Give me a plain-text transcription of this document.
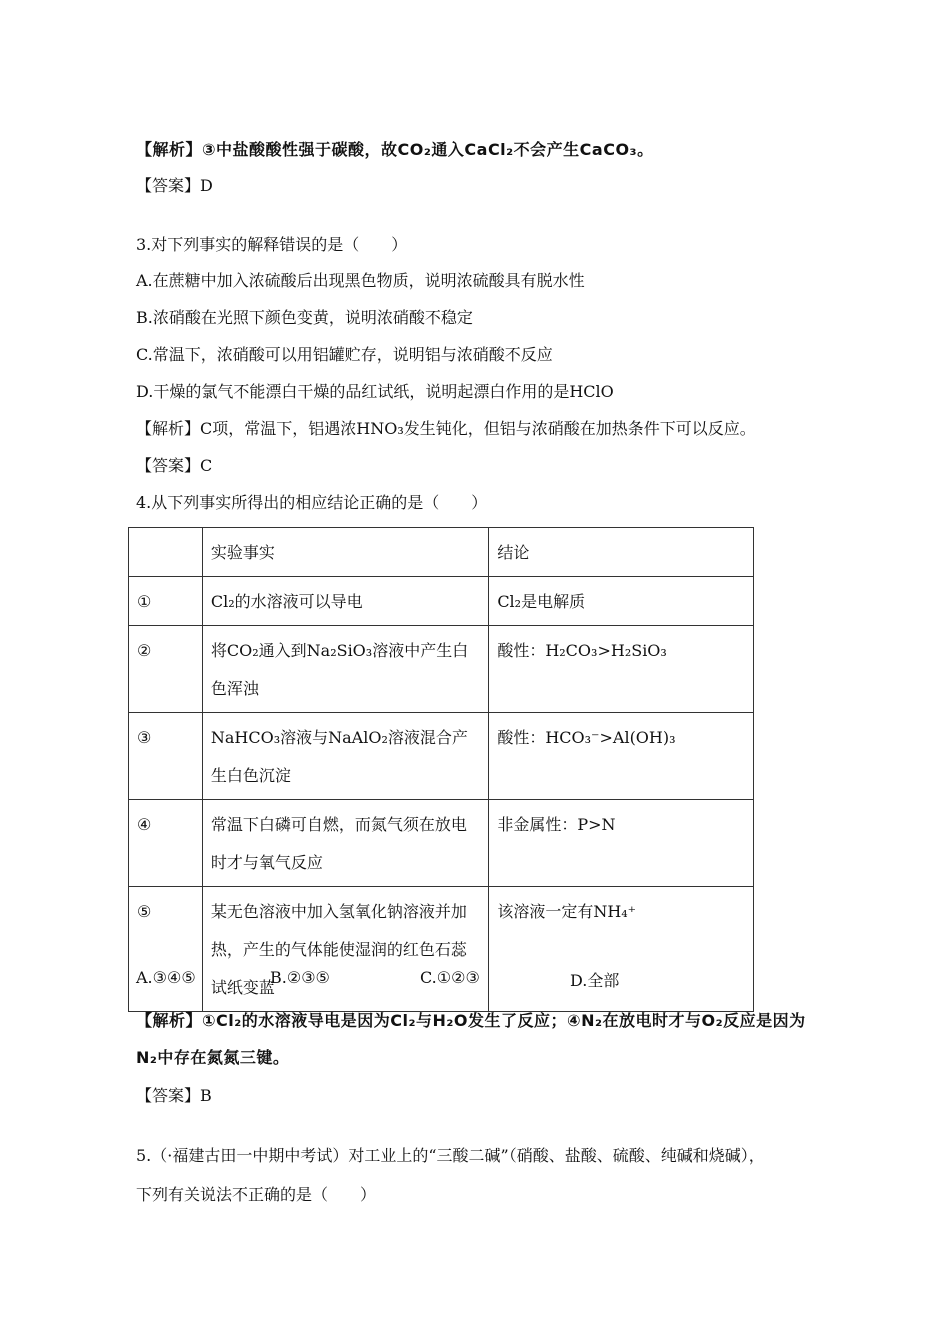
【解析】③中盐酸酸性强于碳酸，故CO₂通入CaCl₂不会产生CaCO₃。
【答案】D
3.对下列事实的解释错误的是（　　）
A.在蔗糖中加入浓硫酸后出现黑色物质，说明浓硫酸具有脱水性
B.浓硝酸在光照下颜色变黄，说明浓硝酸不稳定
C.常温下，浓硝酸可以用铝罐贮存，说明铝与浓硝酸不反应
D.干燥的氯气不能漂白干燥的品红试纸，说明起漂白作用的是HClO
【解析】C项，常温下，铝遇浓HNO₃发生钝化，但铝与浓硝酸在加热条件下可以反应。
【答案】C
4.从下列事实所得出的相应结论正确的是（　　）
	实验事实	结论
①	Cl₂的水溶液可以导电	Cl₂是电解质
②	将CO₂通入到Na₂SiO₃溶液中产生白色浑浊	酸性：H₂CO₃>H₂SiO₃
③	NaHCO₃溶液与NaAlO₂溶液混合产生白色沉淀	酸性：HCO₃⁻>Al(OH)₃
④	常温下白磷可自燃，而氮气须在放电时才与氧气反应	非金属性：P>N
⑤	某无色溶液中加入氢氧化钠溶液并加热，产生的气体能使湿润的红色石蕊试纸变蓝	该溶液一定有NH₄⁺
A.③④⑤	B.②③⑤	C.①②③	D.全部
【解析】①Cl₂的水溶液导电是因为Cl₂与H₂O发生了反应；④N₂在放电时才与O₂反应是因为
N₂中存在氮氮三键。
【答案】B
5.（·福建古田一中期中考试）对工业上的“三酸二碱”（硝酸、盐酸、硫酸、纯碱和烧碱），
下列有关说法不正确的是（　　）
